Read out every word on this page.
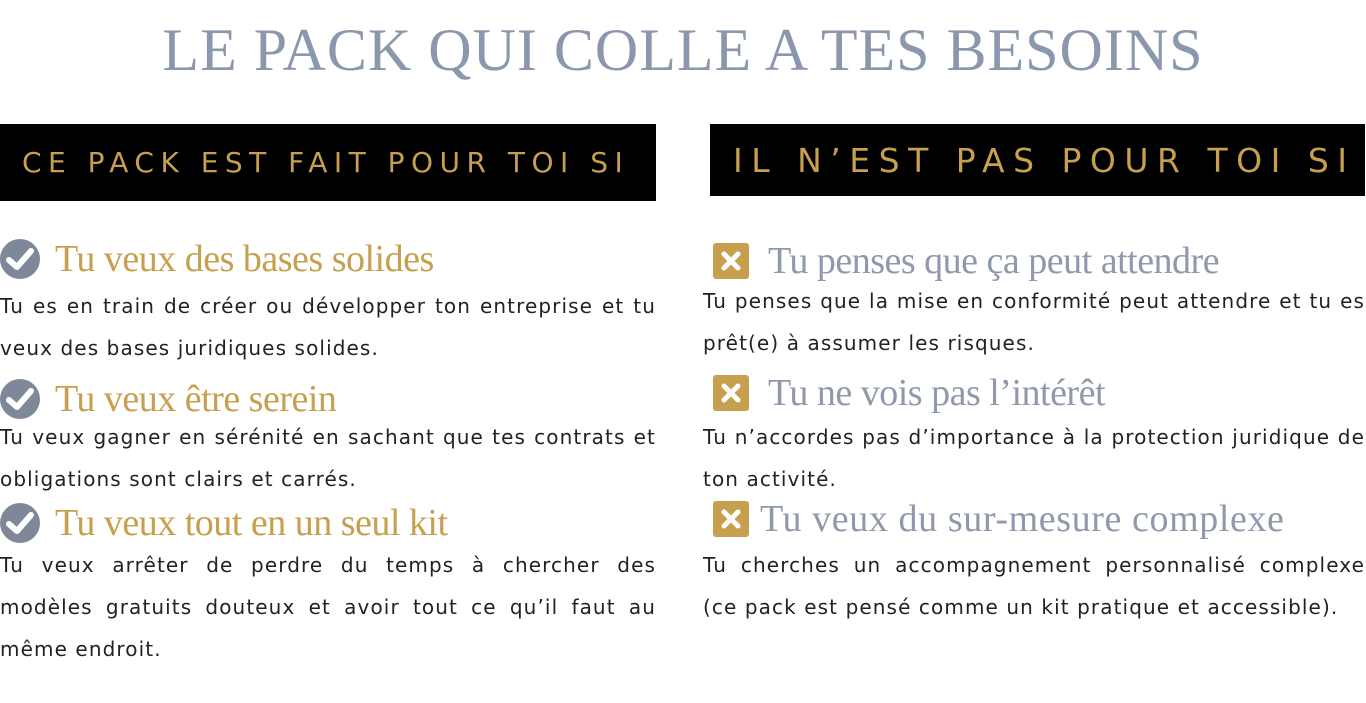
LE PACK QUI COLLE A TES BESOINS
CE PACK EST FAIT POUR TOI SI	IL N’EST PAS POUR TOI SI
Tu veux des bases solides

Tu es en train de créer ou développer ton entreprise et tu veux des bases juridiques solides.

Tu veux être serein

Tu veux gagner en sérénité en sachant que tes contrats et obligations sont clairs et carrés.

Tu veux tout en un seul kit

Tu veux arrêter de perdre du temps à chercher des modèles gratuits douteux et avoir tout ce qu’il faut au même endroit.

Tu penses que ça peut attendre

Tu penses que la mise en conformité peut attendre et tu es prêt(e) à assumer les risques.

Tu ne vois pas l’intérêt

Tu n’accordes pas d’importance à la protection juridique de ton activité.

Tu veux du sur-mesure complexe

Tu cherches un accompagnement personnalisé complexe (ce pack est pensé comme un kit pratique et accessible).
